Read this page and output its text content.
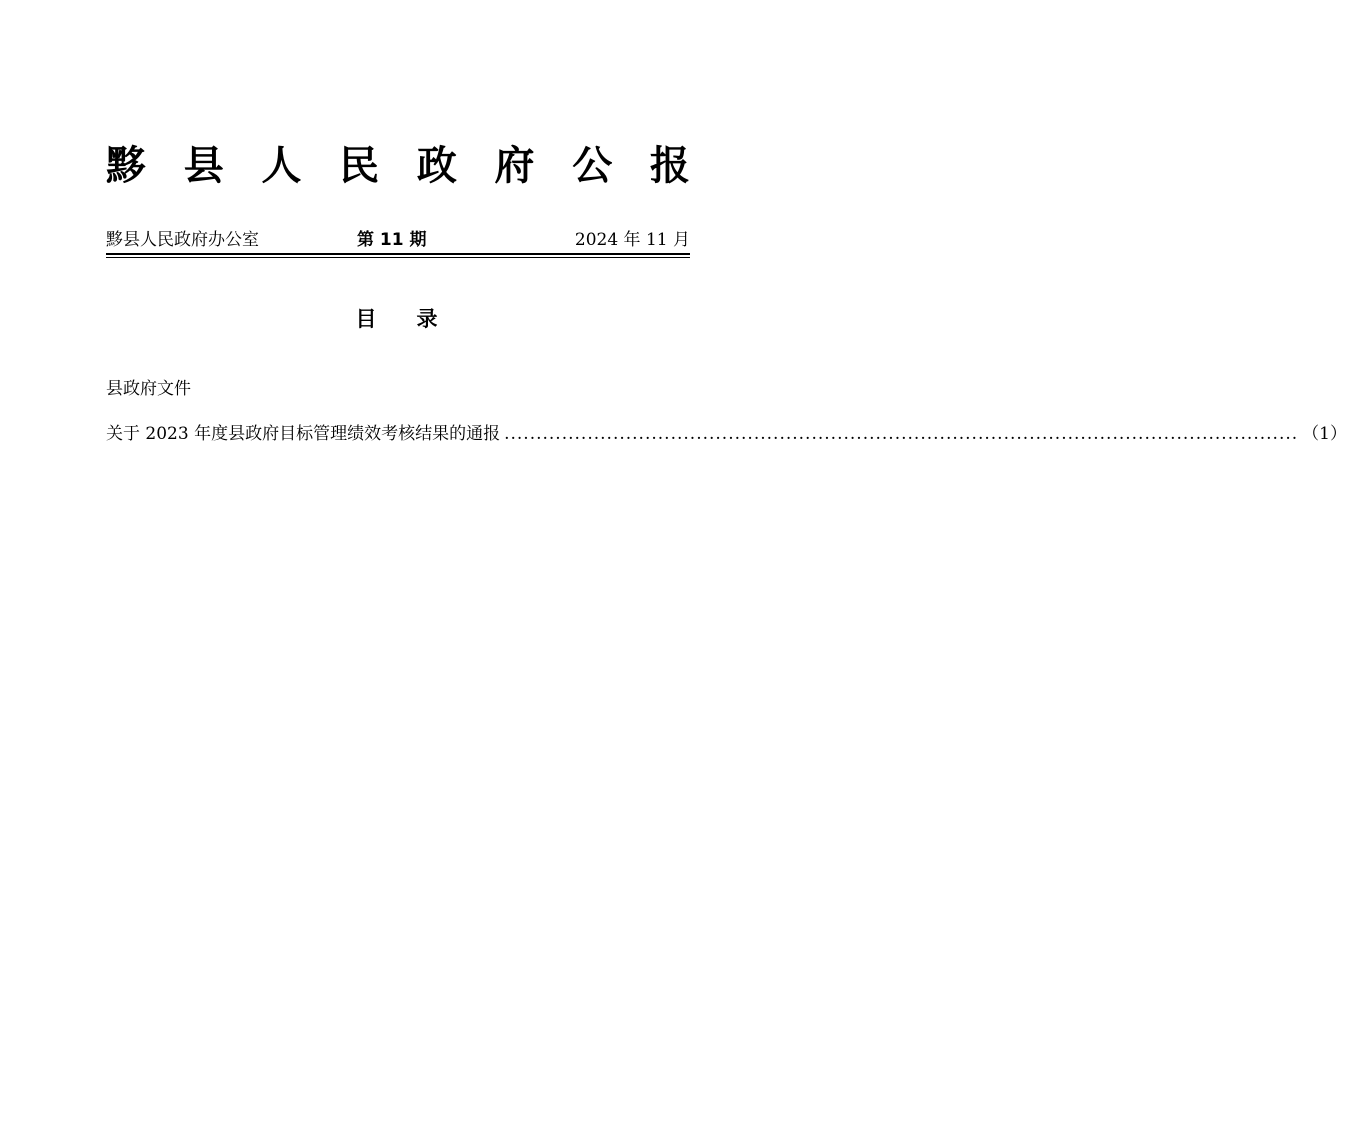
黟 县 人 民 政 府 公 报
黟县人民政府办公室	第 11 期	2024 年 11 月
目录
县政府文件
关于 2023 年度县政府目标管理绩效考核结果的通报 ............................................................................................................................ （1）
